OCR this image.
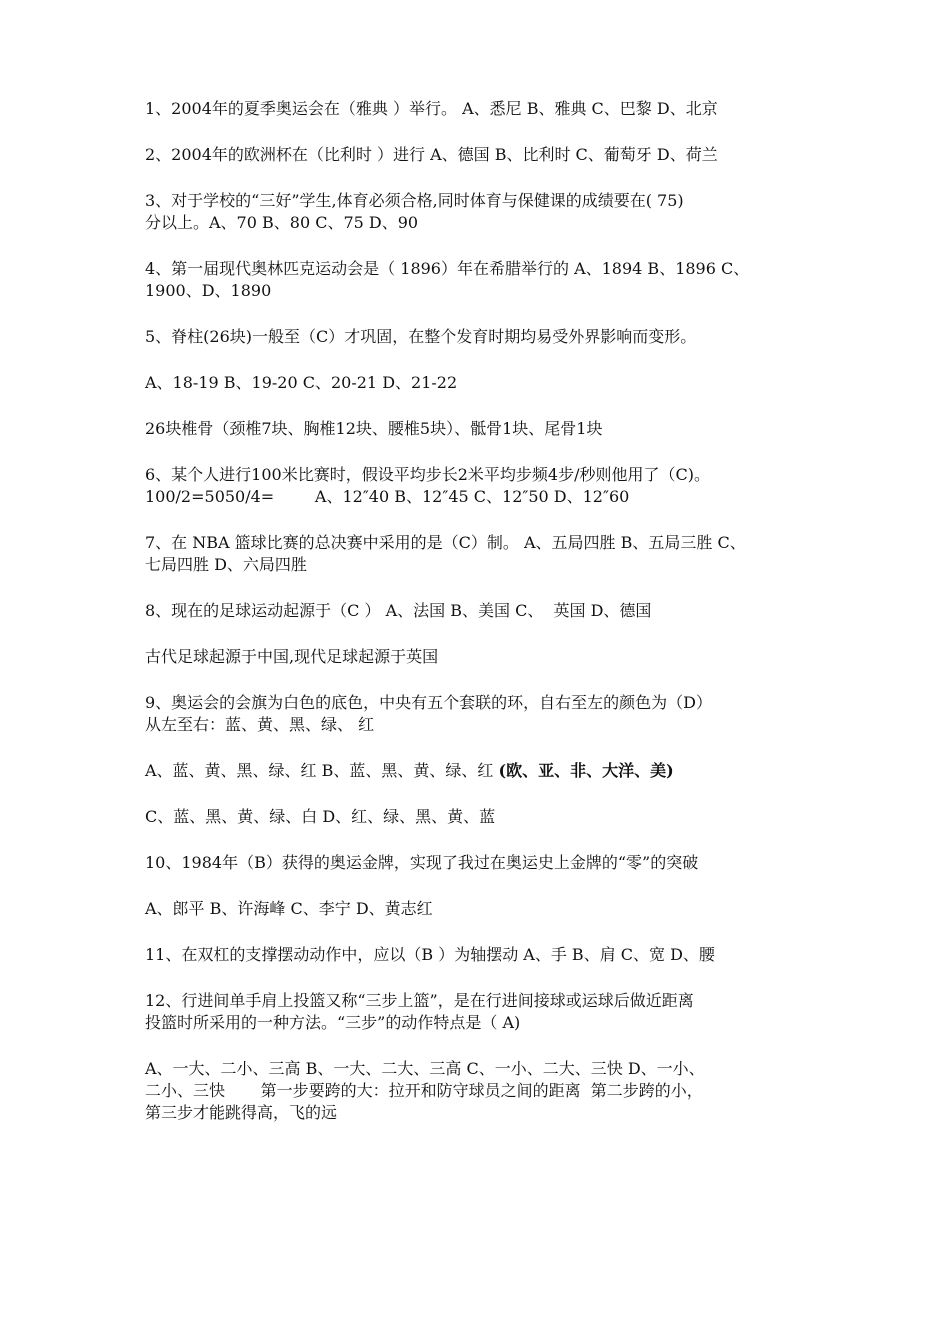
1、2004年的夏季奥运会在（雅典 ）举行。 A、悉尼 B、雅典 C、巴黎 D、北京
2、2004年的欧洲杯在（比利时 ）进行 A、德国 B、比利时 C、葡萄牙 D、荷兰
3、对于学校的“三好”学生,体育必须合格,同时体育与保健课的成绩要在( 75)
分以上。A、70 B、80 C、75 D、90
4、第一届现代奥林匹克运动会是（ 1896）年在希腊举行的 A、1894 B、1896 C、
1900、D、1890
5、脊柱(26块)一般至（C）才巩固，在整个发育时期均易受外界影响而变形。
A、18-19 B、19-20 C、20-21 D、21-22
26块椎骨（颈椎7块、胸椎12块、腰椎5块）、骶骨1块、尾骨1块
6、某个人进行100米比赛时，假设平均步长2米平均步频4步/秒则他用了（C)。
100/2=5050/4=        A、12″40 B、12″45 C、12″50 D、12″60
7、在 NBA 篮球比赛的总决赛中采用的是（C）制。 A、五局四胜 B、五局三胜 C、
七局四胜 D、六局四胜
8、现在的足球运动起源于（C ） A、法国 B、美国 C、  英国 D、德国
古代足球起源于中国,现代足球起源于英国
9、奥运会的会旗为白色的底色，中央有五个套联的环，自右至左的颜色为（D）
从左至右：蓝、黄、黑、绿、 红
A、蓝、黄、黑、绿、红 B、蓝、黑、黄、绿、红 (欧、亚、非、大洋、美)
C、蓝、黑、黄、绿、白 D、红、绿、黑、黄、蓝
10、1984年（B）获得的奥运金牌，实现了我过在奥运史上金牌的“零”的突破
A、郎平 B、许海峰 C、李宁 D、黄志红
11、在双杠的支撑摆动动作中，应以（B ）为轴摆动 A、手 B、肩 C、宽 D、腰
12、行进间单手肩上投篮又称“三步上篮”，是在行进间接球或运球后做近距离
投篮时所采用的一种方法。“三步”的动作特点是（ A)
A、一大、二小、三高 B、一大、二大、三高 C、一小、二大、三快 D、一小、
二小、三快       第一步要跨的大：拉开和防守球员之间的距离  第二步跨的小，
第三步才能跳得高，飞的远
